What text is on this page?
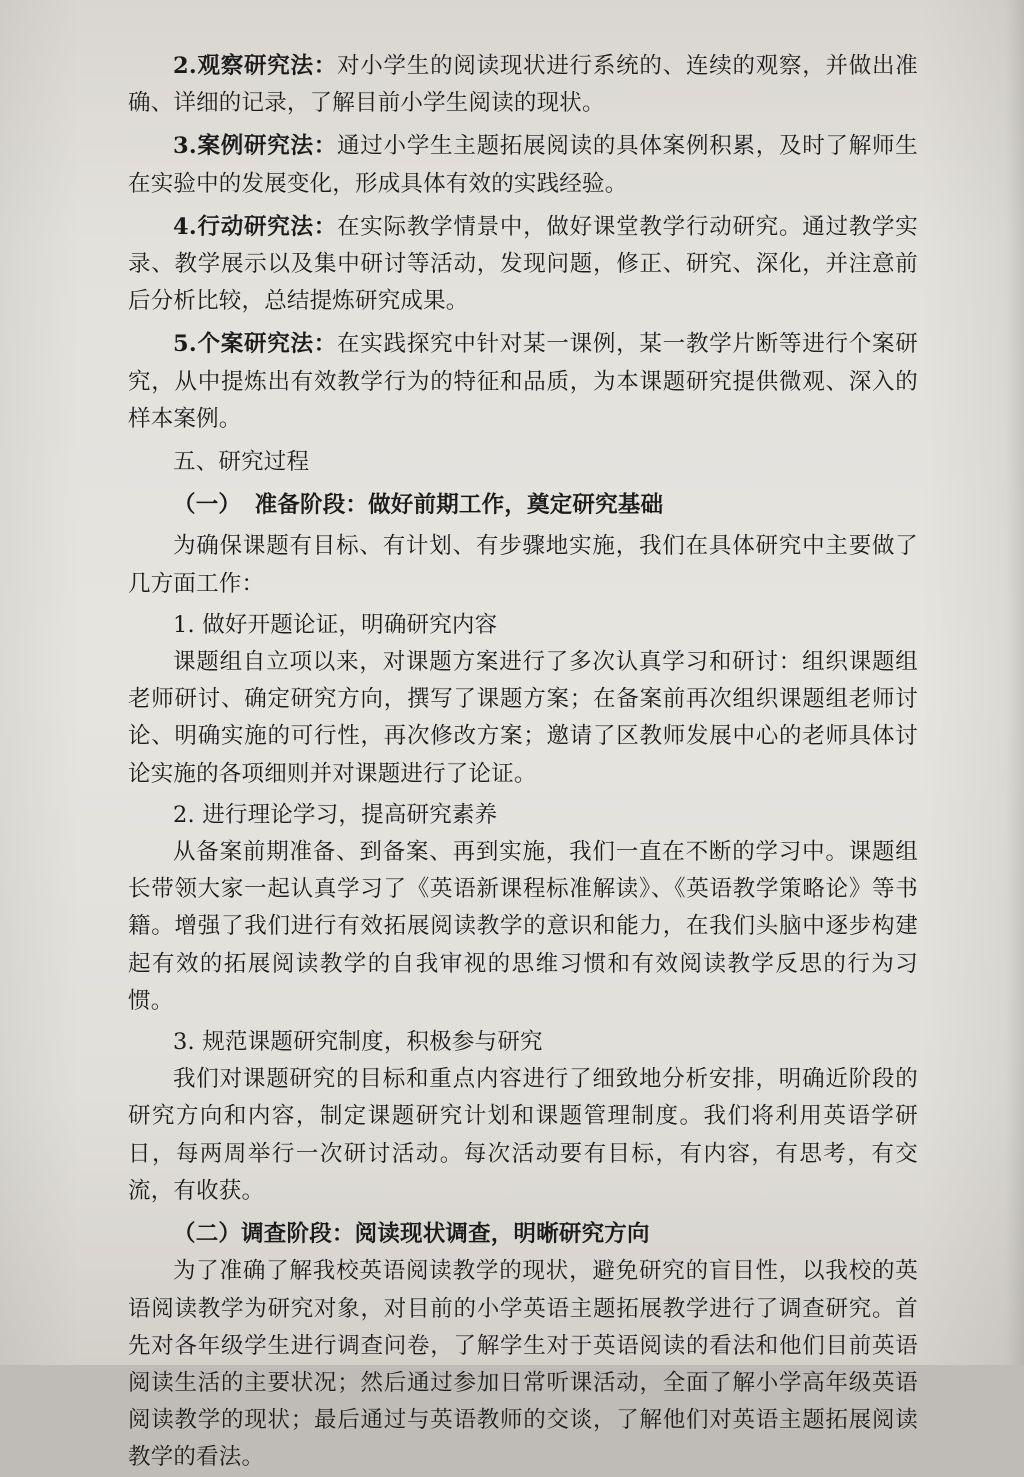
2.观察研究法：对小学生的阅读现状进行系统的、连续的观察，并做出准确、详细的记录，了解目前小学生阅读的现状。

3.案例研究法：通过小学生主题拓展阅读的具体案例积累，及时了解师生在实验中的发展变化，形成具体有效的实践经验。

4.行动研究法：在实际教学情景中，做好课堂教学行动研究。通过教学实录、教学展示以及集中研讨等活动，发现问题，修正、研究、深化，并注意前后分析比较，总结提炼研究成果。

5.个案研究法：在实践探究中针对某一课例，某一教学片断等进行个案研究，从中提炼出有效教学行为的特征和品质，为本课题研究提供微观、深入的样本案例。

五、研究过程

（一） 准备阶段：做好前期工作，奠定研究基础

为确保课题有目标、有计划、有步骤地实施，我们在具体研究中主要做了几方面工作：

1. 做好开题论证，明确研究内容

课题组自立项以来，对课题方案进行了多次认真学习和研讨：组织课题组老师研讨、确定研究方向，撰写了课题方案；在备案前再次组织课题组老师讨论、明确实施的可行性，再次修改方案；邀请了区教师发展中心的老师具体讨论实施的各项细则并对课题进行了论证。

2. 进行理论学习，提高研究素养

从备案前期准备、到备案、再到实施，我们一直在不断的学习中。课题组长带领大家一起认真学习了《英语新课程标准解读》、《英语教学策略论》等书籍。增强了我们进行有效拓展阅读教学的意识和能力，在我们头脑中逐步构建起有效的拓展阅读教学的自我审视的思维习惯和有效阅读教学反思的行为习惯。

3. 规范课题研究制度，积极参与研究

我们对课题研究的目标和重点内容进行了细致地分析安排，明确近阶段的研究方向和内容，制定课题研究计划和课题管理制度。我们将利用英语学研日，每两周举行一次研讨活动。每次活动要有目标，有内容，有思考，有交流，有收获。

（二）调查阶段：阅读现状调查，明晰研究方向

为了准确了解我校英语阅读教学的现状，避免研究的盲目性，以我校的英语阅读教学为研究对象，对目前的小学英语主题拓展教学进行了调查研究。首先对各年级学生进行调查问卷，了解学生对于英语阅读的看法和他们目前英语阅读生活的主要状况；然后通过参加日常听课活动，全面了解小学高年级英语阅读教学的现状；最后通过与英语教师的交谈，了解他们对英语主题拓展阅读教学的看法。
